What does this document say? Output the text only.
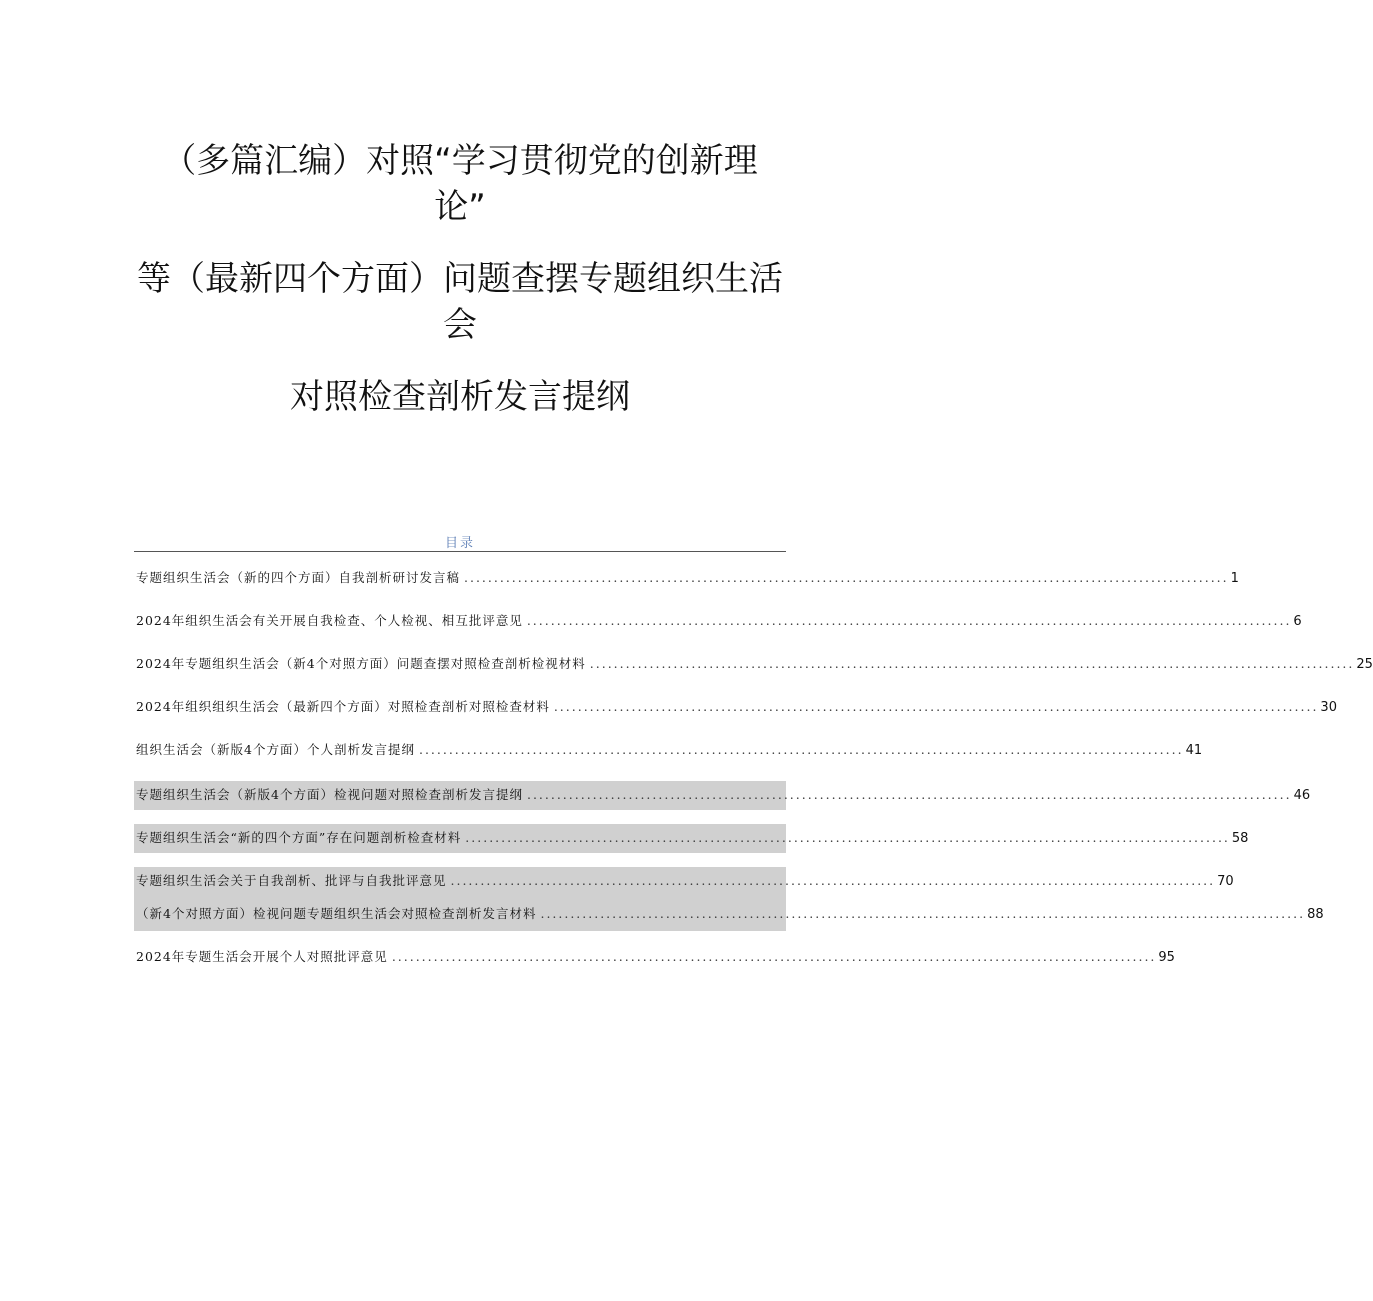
（多篇汇编）对照“学习贯彻党的创新理
论”
等（最新四个方面）问题查摆专题组织生活
会
对照检查剖析发言提纲
目录
专题组织生活会（新的四个方面）自我剖析研讨发言稿 ................................................................................................................................ 1
2024年组织生活会有关开展自我检查、个人检视、相互批评意见 ................................................................................................................................ 6
2024年专题组织生活会（新4个对照方面）问题查摆对照检查剖析检视材料 ................................................................................................................................ 25
2024年组织组织生活会（最新四个方面）对照检查剖析对照检查材料 ................................................................................................................................ 30
组织生活会（新版4个方面）个人剖析发言提纲 ................................................................................................................................ 41
专题组织生活会（新版4个方面）检视问题对照检查剖析发言提纲 ................................................................................................................................ 46
专题组织生活会“新的四个方面”存在问题剖析检查材料 ................................................................................................................................ 58
专题组织生活会关于自我剖析、批评与自我批评意见 ................................................................................................................................ 70
（新4个对照方面）检视问题专题组织生活会对照检查剖析发言材料 ................................................................................................................................ 88
2024年专题生活会开展个人对照批评意见 ................................................................................................................................ 95
